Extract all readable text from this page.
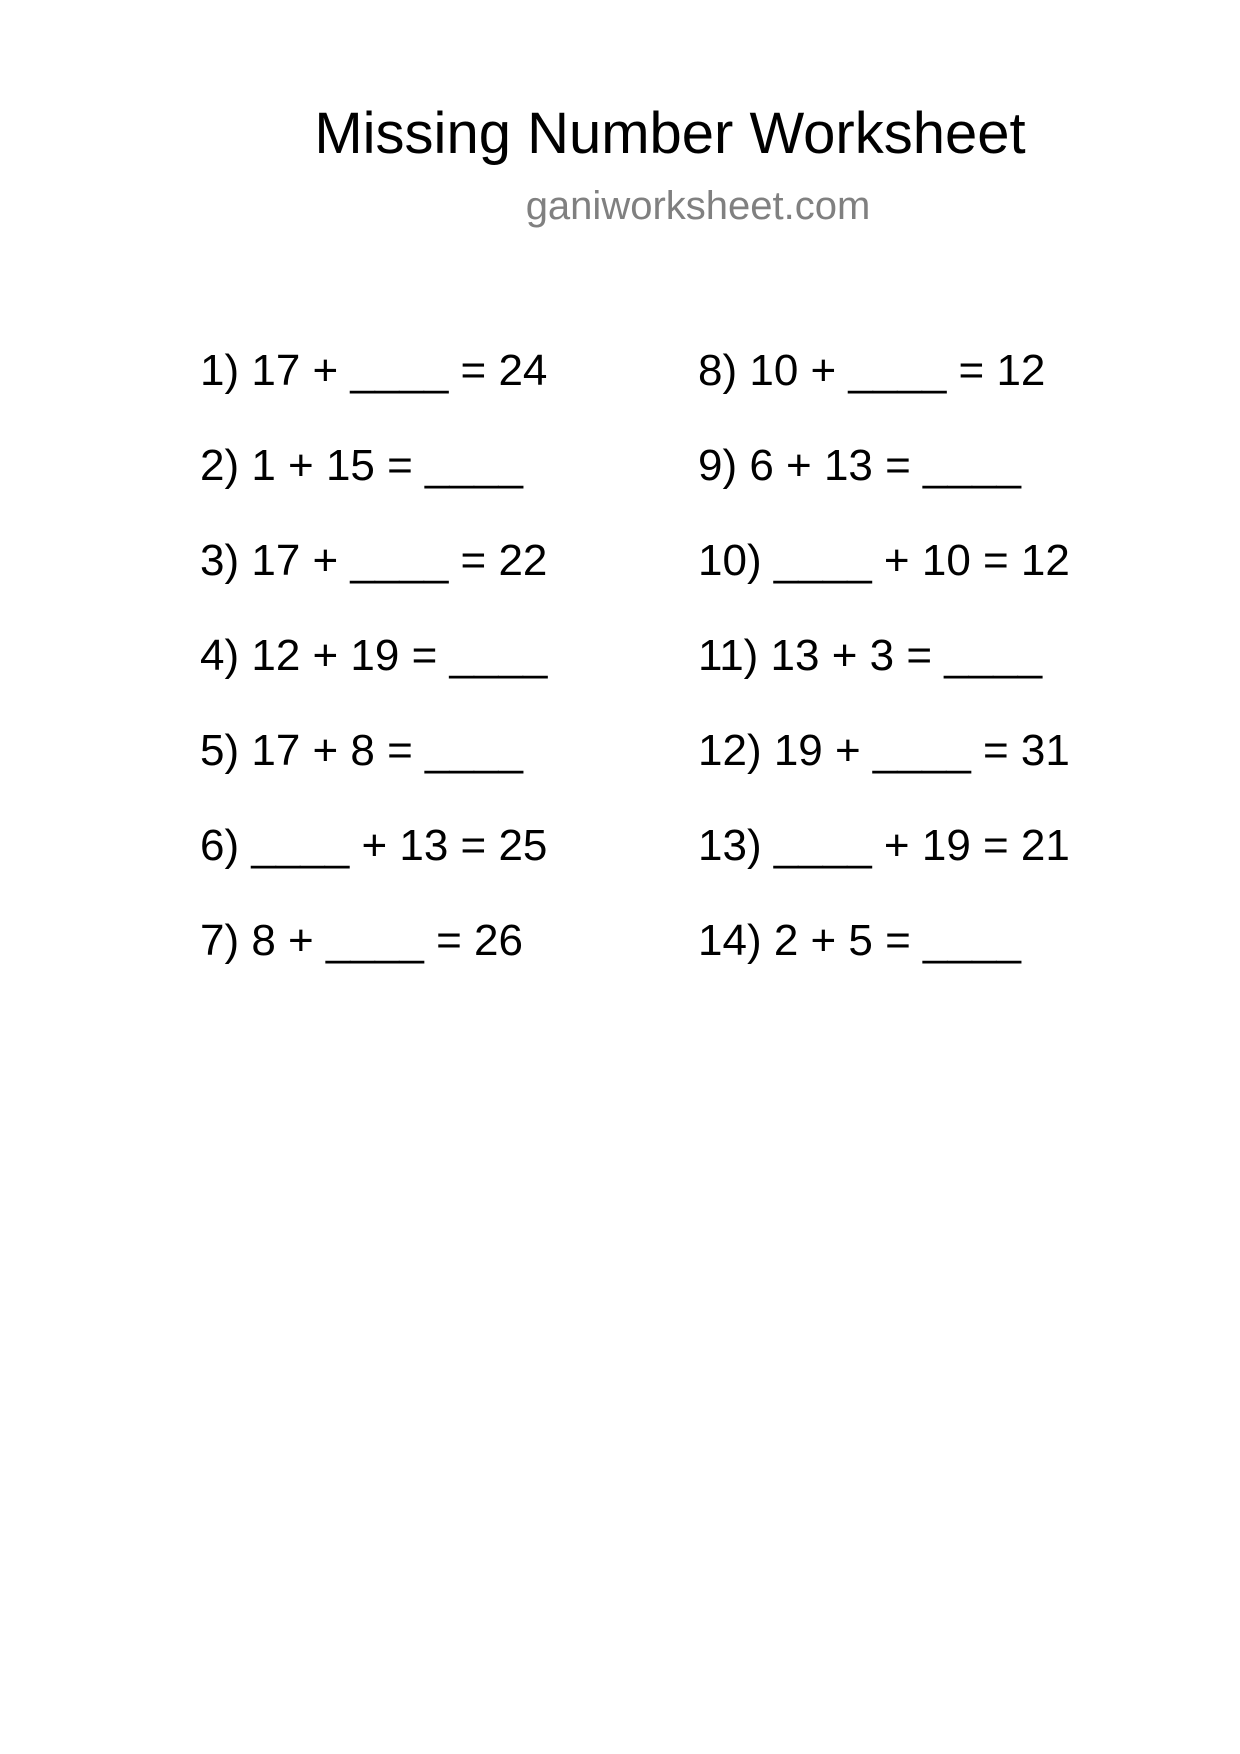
Missing Number Worksheet
ganiworksheet.com
1) 17 + ____ = 24
2) 1 + 15 = ____
3) 17 + ____ = 22
4) 12 + 19 = ____
5) 17 + 8 = ____
6) ____ + 13 = 25
7) 8 + ____ = 26
8) 10 + ____ = 12
9) 6 + 13 = ____
10) ____ + 10 = 12
11) 13 + 3 = ____
12) 19 + ____ = 31
13) ____ + 19 = 21
14) 2 + 5 = ____
